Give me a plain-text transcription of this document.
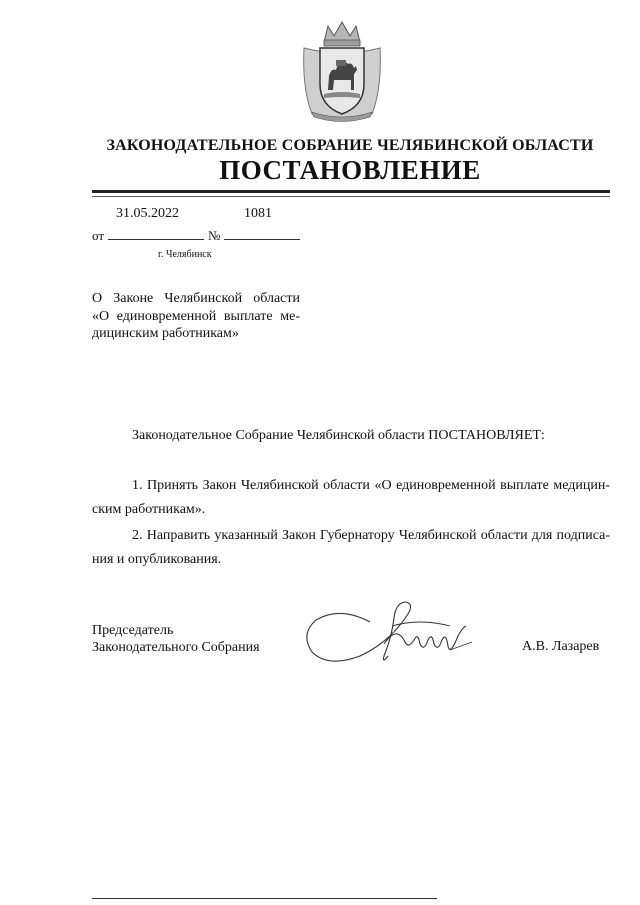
ЗАКОНОДАТЕЛЬНОЕ СОБРАНИЕ ЧЕЛЯБИНСКОЙ ОБЛАСТИ
ПОСТАНОВЛЕНИЕ
31.05.2022	1081
от	№
г. Челябинск
О Законе Челябинской области
«О единовременной выплате ме-
дицинским работникам»
Законодательное Собрание Челябинской области ПОСТАНОВЛЯЕТ:
1. Принять Закон Челябинской области «О единовременной выплате медицин-
ским работникам».
2. Направить указанный Закон Губернатору Челябинской области для подписа-
ния и опубликования.
Председатель
Законодательного Собрания	А.В. Лазарев
